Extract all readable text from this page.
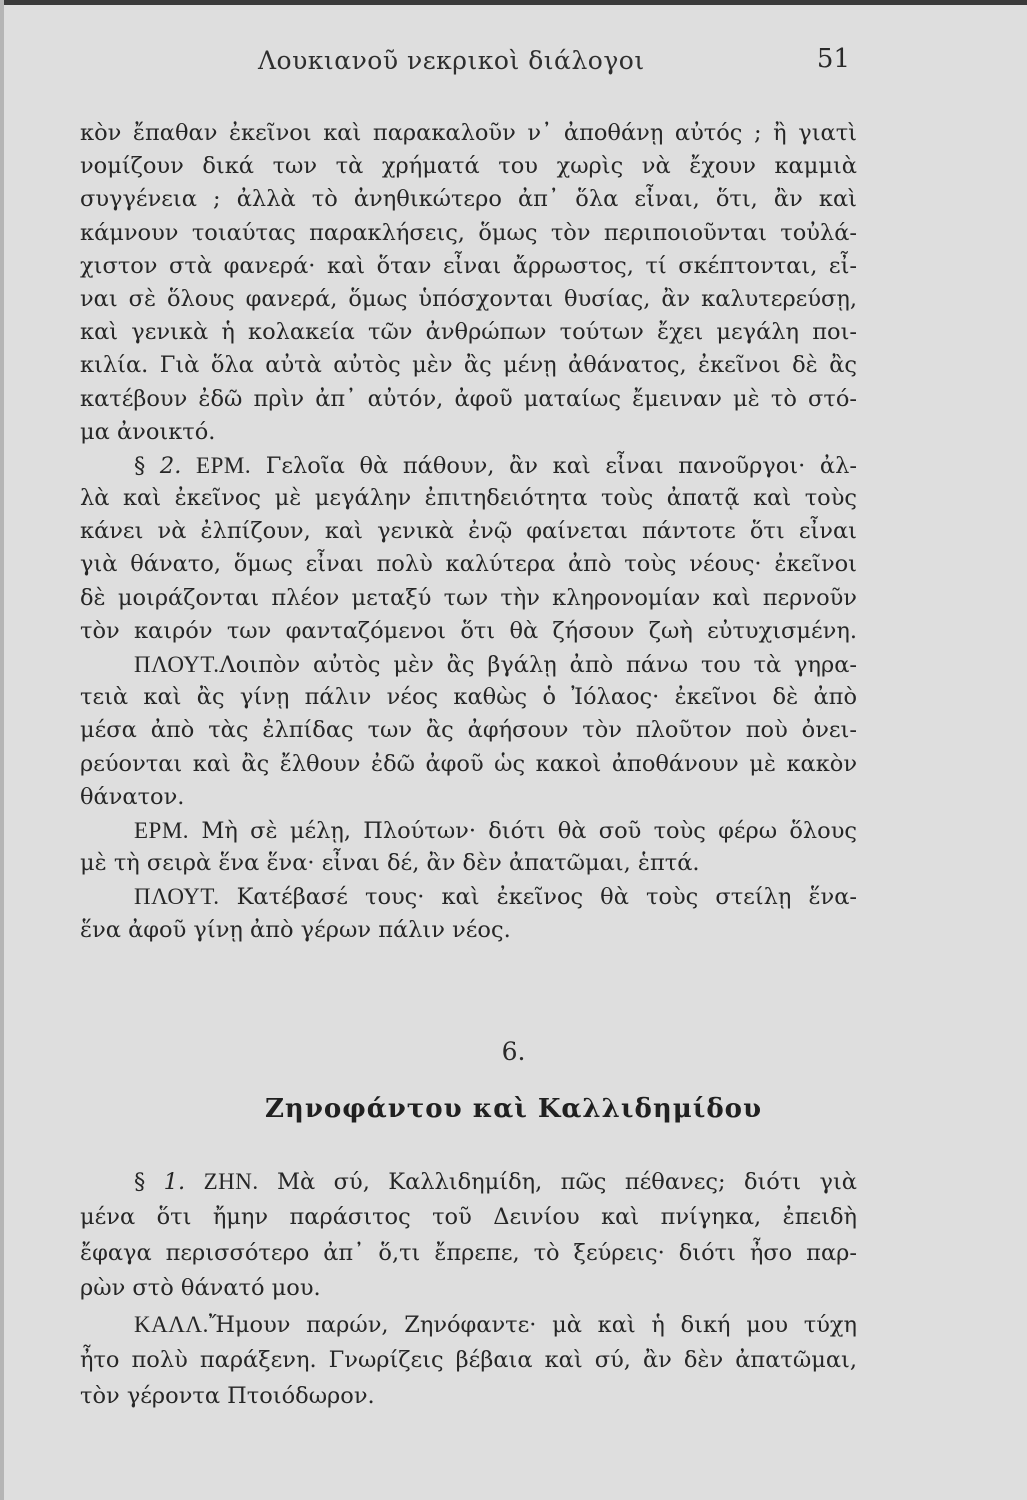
Λουκιανοῦ νεκρικοὶ διάλογοι	51
κὸν ἔπαθαν ἐκεῖνοι καὶ παρακαλοῦν ν᾽ ἀποθάνῃ αὐτός ; ἢ γιατὶ
νομίζουν δικά των τὰ χρήματά του χωρὶς νὰ ἔχουν καμμιὰ
συγγένεια ; ἀλλὰ τὸ ἀνηθικώτερο ἀπ᾽ ὅλα εἶναι, ὅτι, ἂν καὶ
κάμνουν τοιαύτας παρακλήσεις, ὅμως τὸν περιποιοῦνται τοὐλά-
χιστον στὰ φανερά· καὶ ὅταν εἶναι ἄρρωστος, τί σκέπτονται, εἶ-
ναι σὲ ὅλους φανερά, ὅμως ὑπόσχονται θυσίας, ἂν καλυτερεύσῃ,
καὶ γενικὰ ἡ κολακεία τῶν ἀνθρώπων τούτων ἔχει μεγάλη ποι-
κιλία. Γιὰ ὅλα αὐτὰ αὐτὸς μὲν ἂς μένῃ ἀθάνατος, ἐκεῖνοι δὲ ἂς
κατέβουν ἐδῶ πρὶν ἀπ᾽ αὐτόν, ἀφοῦ ματαίως ἔμειναν μὲ τὸ στό-
μα ἀνοικτό.
§ 2. ΕΡΜ. Γελοῖα θὰ πάθουν, ἂν καὶ εἶναι πανοῦργοι· ἀλ-
λὰ καὶ ἐκεῖνος μὲ μεγάλην ἐπιτηδειότητα τοὺς ἀπατᾷ καὶ τοὺς
κάνει νὰ ἐλπίζουν, καὶ γενικὰ ἐνῷ φαίνεται πάντοτε ὅτι εἶναι
γιὰ θάνατο, ὅμως εἶναι πολὺ καλύτερα ἀπὸ τοὺς νέους· ἐκεῖνοι
δὲ μοιράζονται πλέον μεταξύ των τὴν κληρονομίαν καὶ περνοῦν
τὸν καιρόν των φανταζόμενοι ὅτι θὰ ζήσουν ζωὴ εὐτυχισμένη.
ΠΛΟΥΤ.Λοιπὸν αὐτὸς μὲν ἂς βγάλῃ ἀπὸ πάνω του τὰ γηρα-
τειὰ καὶ ἂς γίνῃ πάλιν νέος καθὼς ὁ Ἰόλαος· ἐκεῖνοι δὲ ἀπὸ
μέσα ἀπὸ τὰς ἐλπίδας των ἂς ἀφήσουν τὸν πλοῦτον ποὺ ὀνει-
ρεύονται καὶ ἂς ἔλθουν ἐδῶ ἀφοῦ ὡς κακοὶ ἀποθάνουν μὲ κακὸν
θάνατον.
ΕΡΜ. Μὴ σὲ μέλῃ, Πλούτων· διότι θὰ σοῦ τοὺς φέρω ὅλους
μὲ τὴ σειρὰ ἕνα ἕνα· εἶναι δέ, ἂν δὲν ἀπατῶμαι, ἑπτά.
ΠΛΟΥΤ. Κατέβασέ τους· καὶ ἐκεῖνος θὰ τοὺς στείλῃ ἕνα-
ἕνα ἀφοῦ γίνῃ ἀπὸ γέρων πάλιν νέος.
6.
Ζηνοφάντου καὶ Καλλιδημίδου
§ 1. ΖΗΝ. Μὰ σύ, Καλλιδημίδη, πῶς πέθανες; διότι γιὰ
μένα ὅτι ἤμην παράσιτος τοῦ Δεινίου καὶ πνίγηκα, ἐπειδὴ
ἔφαγα περισσότερο ἀπ᾽ ὅ,τι ἔπρεπε, τὸ ξεύρεις· διότι ἦσο παρ-
ρὼν στὸ θάνατό μου.
ΚΑΛΛ.Ἤμουν παρών, Ζηνόφαντε· μὰ καὶ ἡ δική μου τύχη
ἦτο πολὺ παράξενη. Γνωρίζεις βέβαια καὶ σύ, ἂν δὲν ἀπατῶμαι,
τὸν γέροντα Πτοιόδωρον.
